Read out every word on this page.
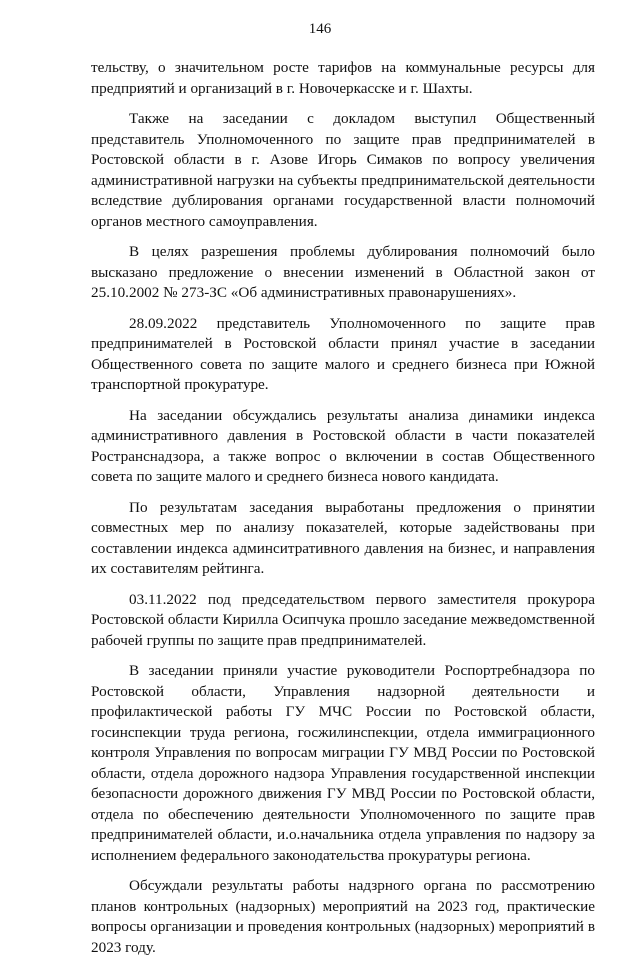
146

тельству, о значительном росте тарифов на коммунальные ресурсы для предприятий и организаций в г. Новочеркасске и г. Шахты.

Также на заседании с докладом выступил Общественный представитель Уполномоченного по защите прав предпринимателей в Ростовской области в г. Азове Игорь Симаков по вопросу увеличения административной нагрузки на субъекты предпринимательской деятельности вследствие дублирования органами государственной власти полномочий органов местного самоуправления.

В целях разрешения проблемы дублирования полномочий было высказано предложение о внесении изменений в Областной закон от 25.10.2002 № 273-ЗС «Об административных правонарушениях».

28.09.2022 представитель Уполномоченного по защите прав предпринимателей в Ростовской области принял участие в заседании Общественного совета по защите малого и среднего бизнеса при Южной транспортной прокуратуре.

На заседании обсуждались результаты анализа динамики индекса административного давления в Ростовской области в части показателей Ространснадзора, а также вопрос о включении в состав Общественного совета по защите малого и среднего бизнеса нового кандидата.

По результатам заседания выработаны предложения о принятии совместных мер по анализу показателей, которые задействованы при составлении индекса админситративного давления на бизнес, и направления их составителям рейтинга.

03.11.2022 под председательством первого заместителя прокурора Ростовской области Кирилла Осипчука прошло заседание межведомственной рабочей группы по защите прав предпринимателей.

В заседании приняли участие руководители Роспортребнадзора по Ростовской области, Управления надзорной деятельности и профилактической работы ГУ МЧС России по Ростовской области, госинспекции труда региона, госжилинспекции, отдела иммиграционного контроля Управления по вопросам миграции ГУ МВД России по Ростовской области, отдела дорожного надзора Управления государственной инспекции безопасности дорожного движения ГУ МВД России по Ростовской области, отдела по обеспечению деятельности Уполномоченного по защите прав предпринимателей области, и.о.начальника отдела управления по надзору за исполнением федерального законодательства прокуратуры региона.

Обсуждали результаты работы надзрного органа по рассмотрению планов контрольных (надзорных) мероприятий на 2023 год, практические вопросы организации и проведения контрольных (надзорных) мероприятий в 2023 году.
